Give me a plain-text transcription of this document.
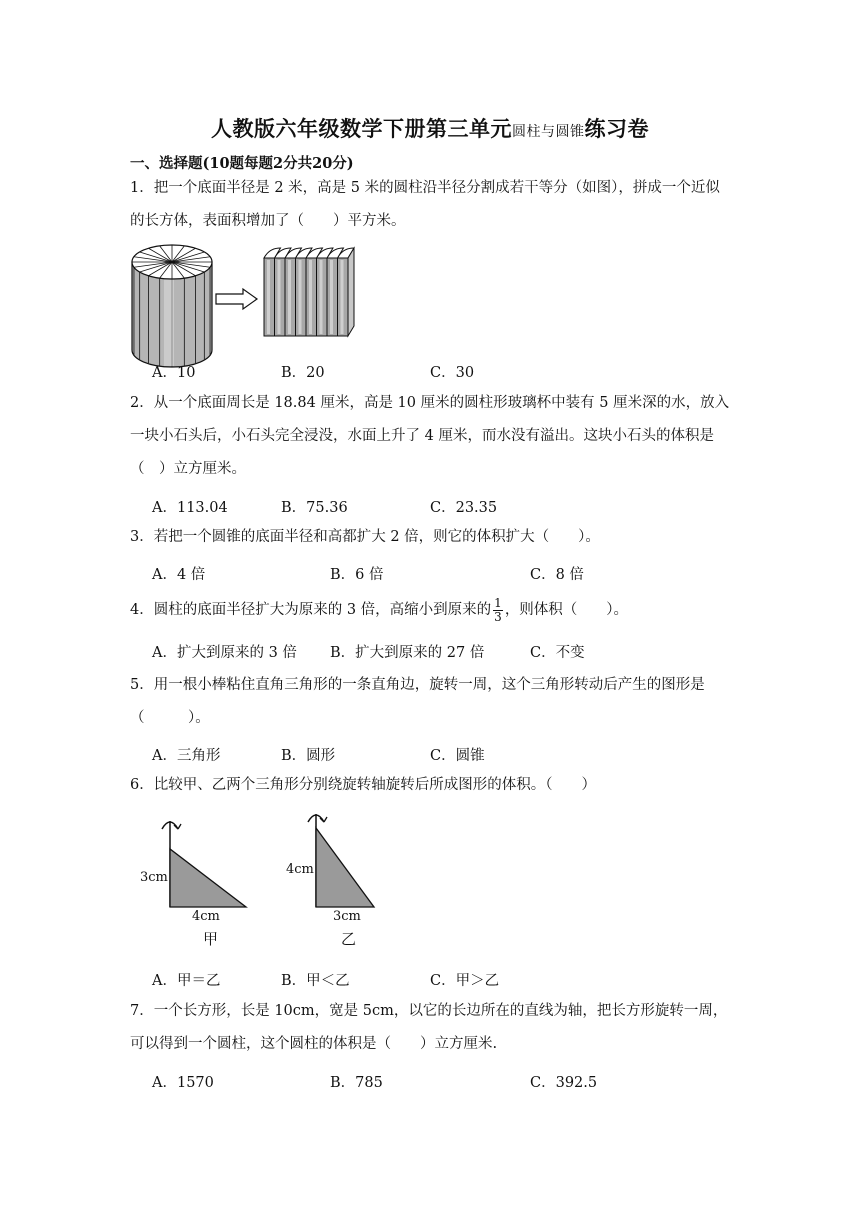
人教版六年级数学下册第三单元圆柱与圆锥练习卷
一、选择题(10题每题2分共20分)
1．把一个底面半径是 2 米，高是 5 米的圆柱沿半径分割成若干等分（如图），拼成一个近似
的长方体，表面积增加了（　　）平方米。
A．10	B．20	C．30
2．从一个底面周长是 18.84 厘米，高是 10 厘米的圆柱形玻璃杯中装有 5 厘米深的水，放入
一块小石头后，小石头完全浸没，水面上升了 4 厘米，而水没有溢出。这块小石头的体积是
（　）立方厘米。
A．113.04	B．75.36	C．23.35
3．若把一个圆锥的底面半径和高都扩大 2 倍，则它的体积扩大（　　）。
A．4 倍	B．6 倍	C．8 倍
4．圆柱的底面半径扩大为原来的 3 倍，高缩小到原来的 $\frac{1}{3}$ ，则体积（　　）。
A．扩大到原来的 3 倍 B．扩大到原来的 27 倍	C．不变
5．用一根小棒粘住直角三角形的一条直角边，旋转一周，这个三角形转动后产生的图形是
（　　　）。
A．三角形	B．圆形	C．圆锥
6．比较甲、乙两个三角形分别绕旋转轴旋转后所成图形的体积。（　　）
3cm
4cm
甲
4cm
3cm
乙
A．甲＝乙	B．甲＜乙	C．甲＞乙
7．一个长方形，长是 10cm，宽是 5cm，以它的长边所在的直线为轴，把长方形旋转一周，
可以得到一个圆柱，这个圆柱的体积是（　　）立方厘米.
A．1570	B．785	C．392.5
